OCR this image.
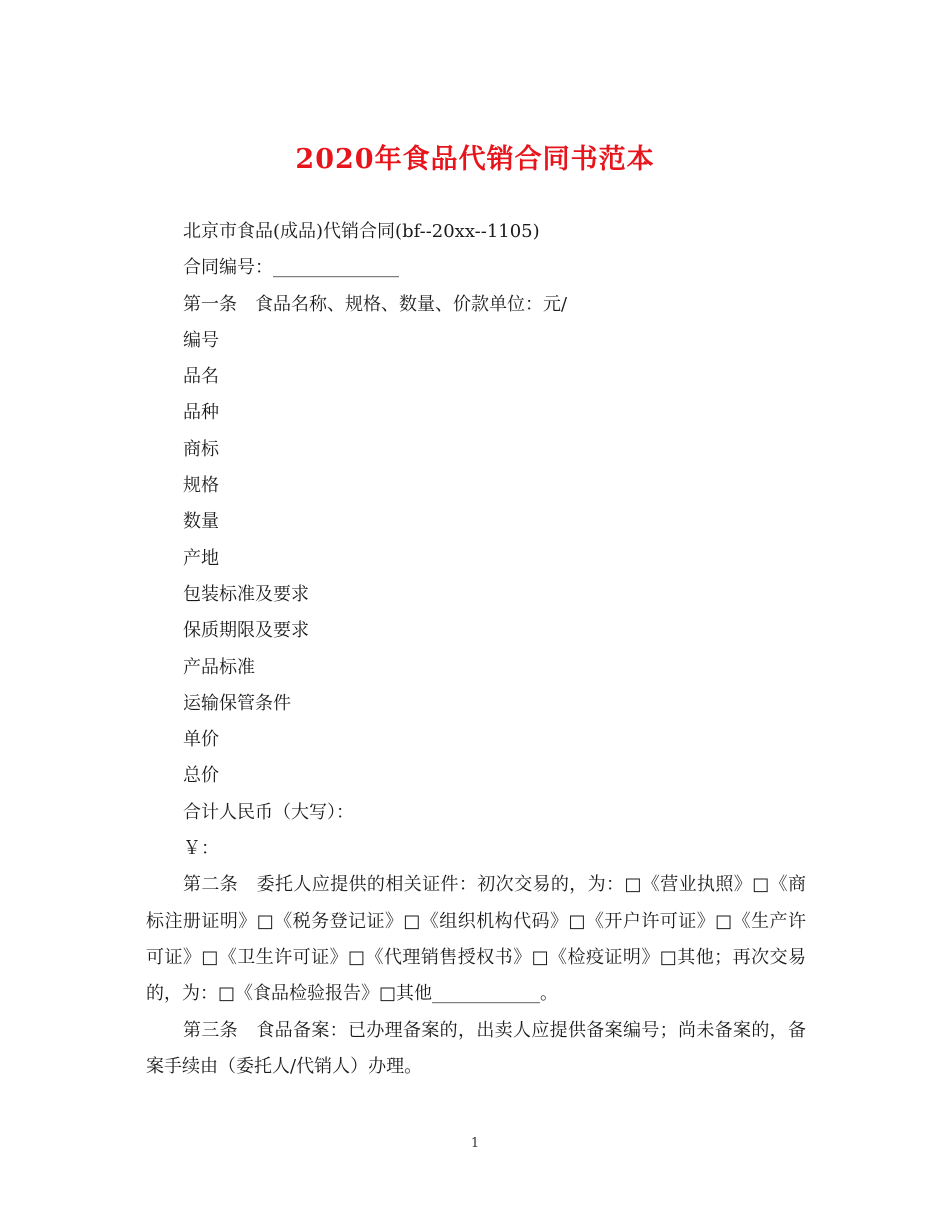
2020年食品代销合同书范本

北京市食品(成品)代销合同(bf--20xx--1105)

合同编号：______________

第一条　食品名称、规格、数量、价款单位：元/

编号

品名

品种

商标

规格

数量

产地

包装标准及要求

保质期限及要求

产品标准

运输保管条件

单价

总价

合计人民币（大写）：

￥：

第二条　委托人应提供的相关证件：初次交易的，为：□《营业执照》□《商标注册证明》□《税务登记证》□《组织机构代码》□《开户许可证》□《生产许可证》□《卫生许可证》□《代理销售授权书》□《检疫证明》□其他；再次交易的，为：□《食品检验报告》□其他____________。

第三条　食品备案：已办理备案的，出卖人应提供备案编号；尚未备案的，备案手续由（委托人/代销人）办理。

1
